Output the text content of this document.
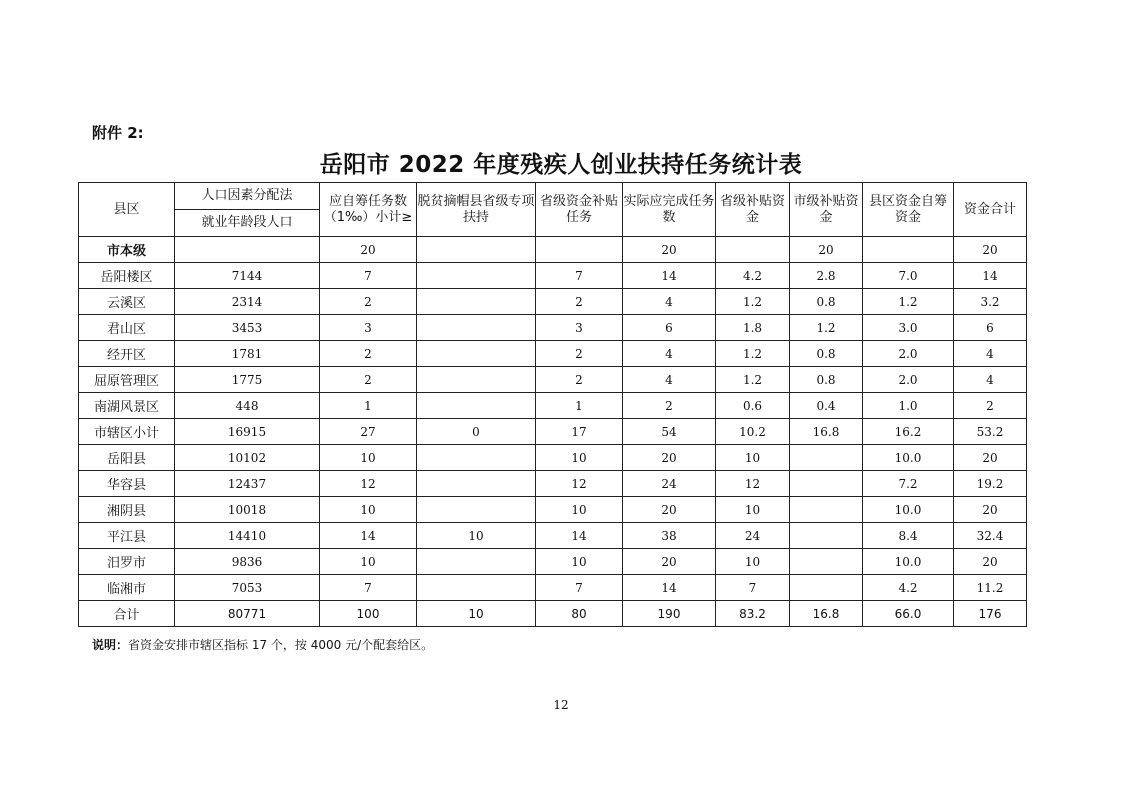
附件 2:
岳阳市 2022 年度残疾人创业扶持任务统计表
县区	人口因素分配法	应自筹任务数（1‰）小计≥	脱贫摘帽县省级专项扶持	省级资金补贴任务	实际应完成任务数	省级补贴资金	市级补贴资金	县区资金自筹资金	资金合计
	就业年龄段人口								
市本级		20			20		20		20
岳阳楼区	7144	7		7	14	4.2	2.8	7.0	14
云溪区	2314	2		2	4	1.2	0.8	1.2	3.2
君山区	3453	3		3	6	1.8	1.2	3.0	6
经开区	1781	2		2	4	1.2	0.8	2.0	4
屈原管理区	1775	2		2	4	1.2	0.8	2.0	4
南湖风景区	448	1		1	2	0.6	0.4	1.0	2
市辖区小计	16915	27	0	17	54	10.2	16.8	16.2	53.2
岳阳县	10102	10		10	20	10		10.0	20
华容县	12437	12		12	24	12		7.2	19.2
湘阴县	10018	10		10	20	10		10.0	20
平江县	14410	14	10	14	38	24		8.4	32.4
汨罗市	9836	10		10	20	10		10.0	20
临湘市	7053	7		7	14	7		4.2	11.2
合计	80771	100	10	80	190	83.2	16.8	66.0	176
说明：省资金安排市辖区指标 17 个，按 4000 元/个配套给区。
12
